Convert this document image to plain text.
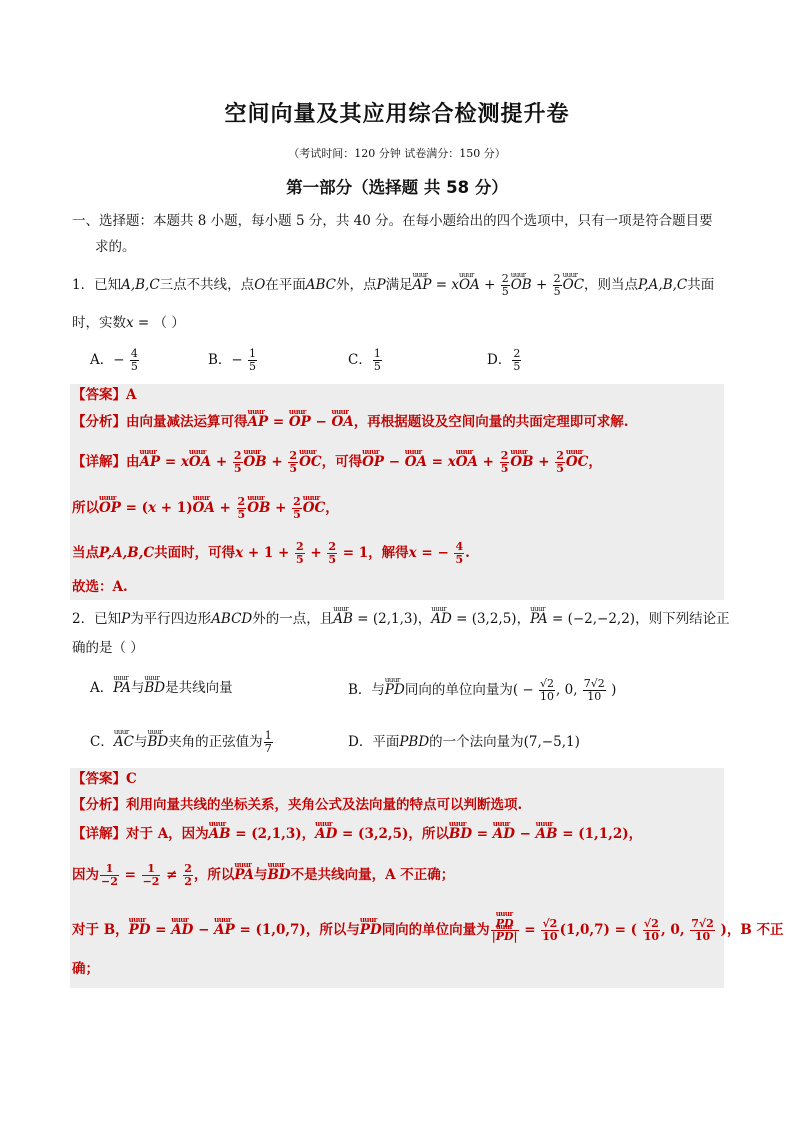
空间向量及其应用综合检测提升卷
（考试时间：120 分钟 试卷满分：150 分）
第一部分（选择题 共 58 分）
一、选择题：本题共 8 小题，每小题 5 分，共 40 分。在每小题给出的四个选项中，只有一项是符合题目要
求的。
1．已知A,B,C三点不共线，点O在平面ABC外，点P满足uuur AP = xuuur OA + $\frac{2}{5}$ uuur OB + $\frac{2}{5}$ uuur OC，则当点P,A,B,C共面
时，实数x = （ ）
A．− $\frac{4}{5}$	B．− $\frac{1}{5}$	C． $\frac{1}{5}$	D． $\frac{2}{5}$
【答案】A
【分析】由向量减法运算可得uuur AP = uuur OP − uuur OA，再根据题设及空间向量的共面定理即可求解.
【详解】由uuur AP = xuuur OA + $\frac{2}{5}$ uuur OB + $\frac{2}{5}$ uuur OC，可得uuur OP − uuur OA = xuuur OA + $\frac{2}{5}$ uuur OB + $\frac{2}{5}$ uuur OC，
所以uuur OP = (x + 1)uuur OA + $\frac{2}{5}$ uuur OB + $\frac{2}{5}$ uuur OC，
当点P,A,B,C共面时，可得$x + 1 + \frac{2}{5} + \frac{2}{5} = 1$，解得x = − $\frac{4}{5}$ .
故选：A.
2．已知P为平行四边形ABCD外的一点，且uuur AB = (2,1,3)，uuur AD = (3,2,5)，uuur PA = (−2,−2,2)，则下列结论正
确的是（ ）
A．uuur PA与uuur BD是共线向量	B．与uuur PD同向的单位向量为( − $\frac{√2}{10}$ , 0, $\frac{7√2}{10}$ )
C．uuur AC与uuur BD夹角的正弦值为 $\frac{1}{7}$	D．平面PBD的一个法向量为(7,−5,1)
【答案】C
【分析】利用向量共线的坐标关系，夹角公式及法向量的特点可以判断选项.
【详解】对于 A，因为uuur AB = (2,1,3)，uuur AD = (3,2,5)，所以uuur BD = uuur AD − uuur AB = (1,1,2)，
因为 $\frac{1}{-2} = \frac{1}{-2} \ne \frac{2}{2}$ ，所以uuur PA与uuur BD不是共线向量，A 不正确；
对于 B，uuur PD = uuur AD − uuur AP = (1,0,7)，所以与uuur PD同向的单位向量为 uuur $\frac{PD}{\text{|uuur PD|}} = \frac{√2}{10} (1,0,7)$ = ( $\frac{√2}{10}$ , 0, $\frac{7√2}{10}$ )，B 不正
确；
